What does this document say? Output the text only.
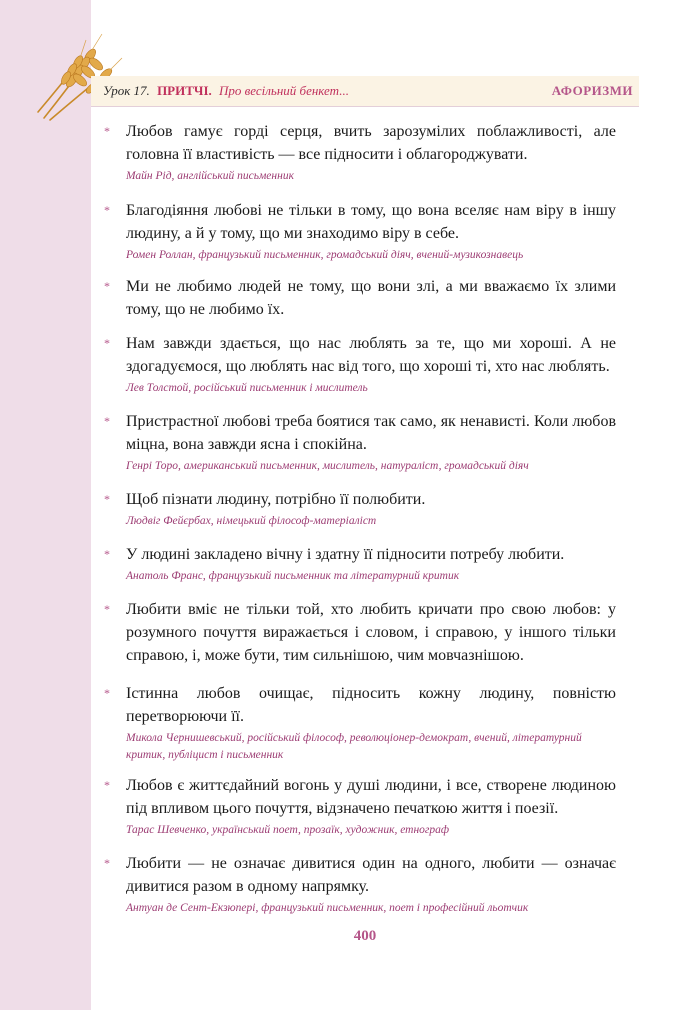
Урок 17. ПРИТЧІ. Про весільний бенкет...	АФОРИЗМИ
* Любов гамує горді серця, вчить зарозумілих поблажливості, але головна її властивість — все підносити і облагороджувати.
Майн Рід, англійський письменник
* Благодіяння любові не тільки в тому, що вона вселяє нам віру в іншу людину, а й у тому, що ми знаходимо віру в себе.
Ромен Роллан, французький письменник, громадський діяч, вчений-музикознавець
* Ми не любимо людей не тому, що вони злі, а ми вважаємо їх злими тому, що не любимо їх.
* Нам завжди здається, що нас люблять за те, що ми хороші. А не здогадуємося, що люблять нас від того, що хороші ті, хто нас люблять.
Лев Толстой, російський письменник і мислитель
* Пристрастної любові треба боятися так само, як ненависті. Коли любов міцна, вона завжди ясна і спокійна.
Генрі Торо, американський письменник, мислитель, натураліст, громадський діяч
* Щоб пізнати людину, потрібно її полюбити.
Людвіг Фейєрбах, німецький філософ-матеріаліст
* У людині закладено вічну і здатну її підносити потребу любити.
Анатоль Франс, французький письменник та літературний критик
* Любити вміє не тільки той, хто любить кричати про свою любов: у розумного почуття виражається і словом, і справою, у іншого тільки справою, і, може бути, тим сильнішою, чим мовчазнішою.
* Істинна любов очищає, підносить кожну людину, повністю перетворюючи її.
Микола Чернишевський, російський філософ, революціонер-демократ, вчений, літературний критик, публіцист і письменник
* Любов є життєдайний вогонь у душі людини, і все, створене людиною під впливом цього почуття, відзначено печаткою життя і поезії.
Тарас Шевченко, український поет, прозаїк, художник, етнограф
* Любити — не означає дивитися один на одного, любити — означає дивитися разом в одному напрямку.
Антуан де Сент-Екзюпері, французький письменник, поет і професійний льотчик
400
